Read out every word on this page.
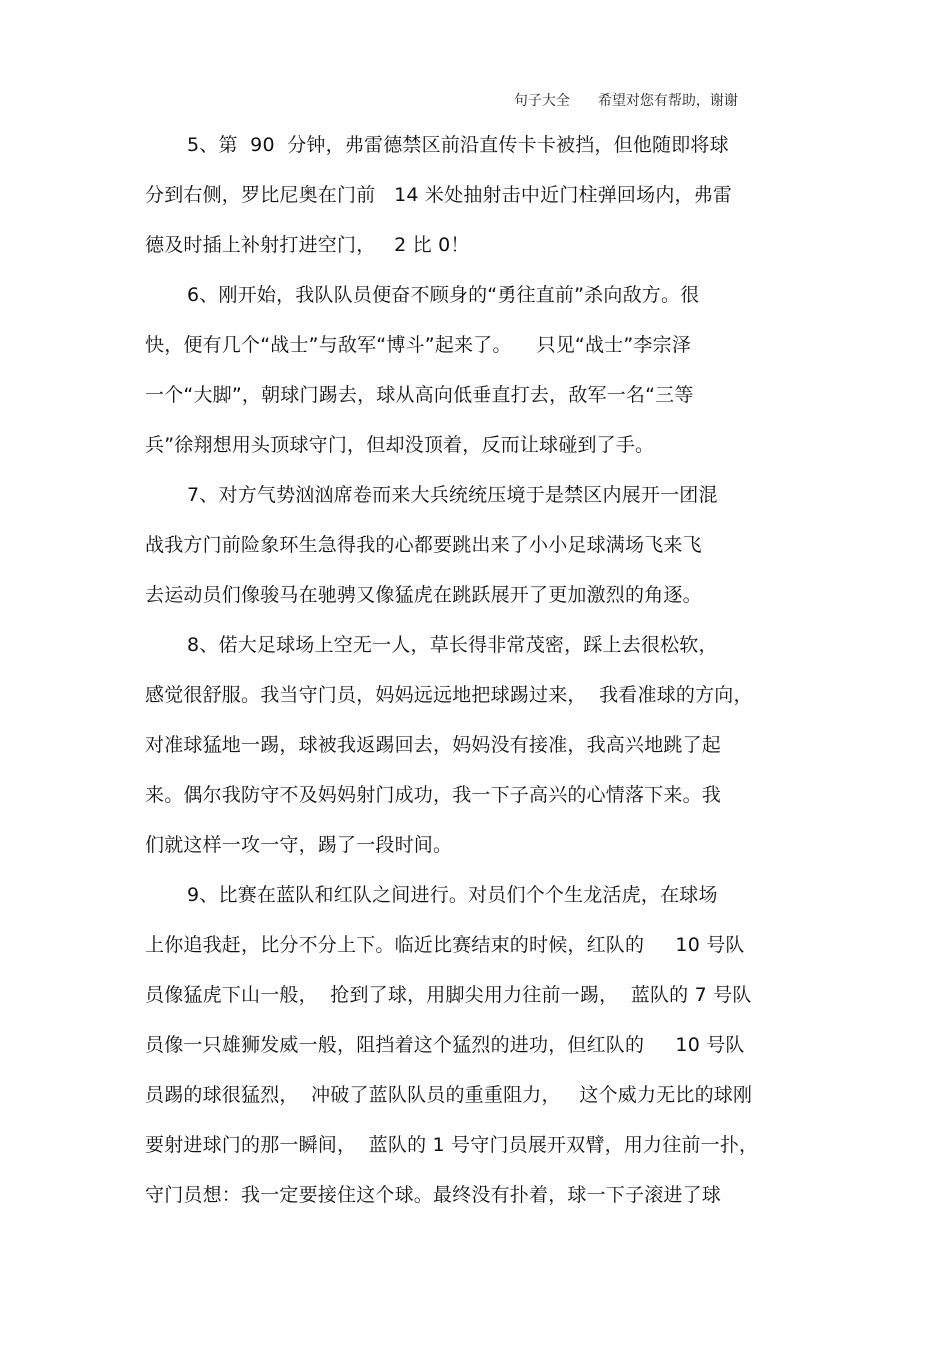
句子大全 希望对您有帮助，谢谢

5、第  90  分钟，弗雷德禁区前沿直传卡卡被挡，但他随即将球
分到右侧，罗比尼奥在门前   14 米处抽射击中近门柱弹回场内，弗雷
德及时插上补射打进空门，   2 比 0！
6、刚开始，我队队员便奋不顾身的“勇往直前”杀向敌方。很
快，便有几个“战士”与敌军“博斗”起来了。    只见“战士”李宗泽
一个“大脚”，朝球门踢去，球从高向低垂直打去，敌军一名“三等
兵”徐翔想用头顶球守门，但却没顶着，反而让球碰到了手。
7、对方气势汹汹席卷而来大兵统统压境于是禁区内展开一团混
战我方门前险象环生急得我的心都要跳出来了小小足球满场飞来飞
去运动员们像骏马在驰骋又像猛虎在跳跃展开了更加激烈的角逐。
8、偌大足球场上空无一人，草长得非常茂密，踩上去很松软，
感觉很舒服。我当守门员，妈妈远远地把球踢过来，  我看准球的方向，
对准球猛地一踢，球被我返踢回去，妈妈没有接准，我高兴地跳了起
来。偶尔我防守不及妈妈射门成功，我一下子高兴的心情落下来。我
们就这样一攻一守，踢了一段时间。
9、比赛在蓝队和红队之间进行。对员们个个生龙活虎，在球场
上你追我赶，比分不分上下。临近比赛结束的时候，红队的     10 号队
员像猛虎下山一般，  抢到了球，用脚尖用力往前一踢，  蓝队的 7 号队
员像一只雄狮发威一般，阻挡着这个猛烈的进功，但红队的     10 号队
员踢的球很猛烈，  冲破了蓝队队员的重重阻力，   这个威力无比的球刚
要射进球门的那一瞬间，  蓝队的 1 号守门员展开双臂，用力往前一扑，
守门员想：我一定要接住这个球。最终没有扑着，球一下子滚进了球
